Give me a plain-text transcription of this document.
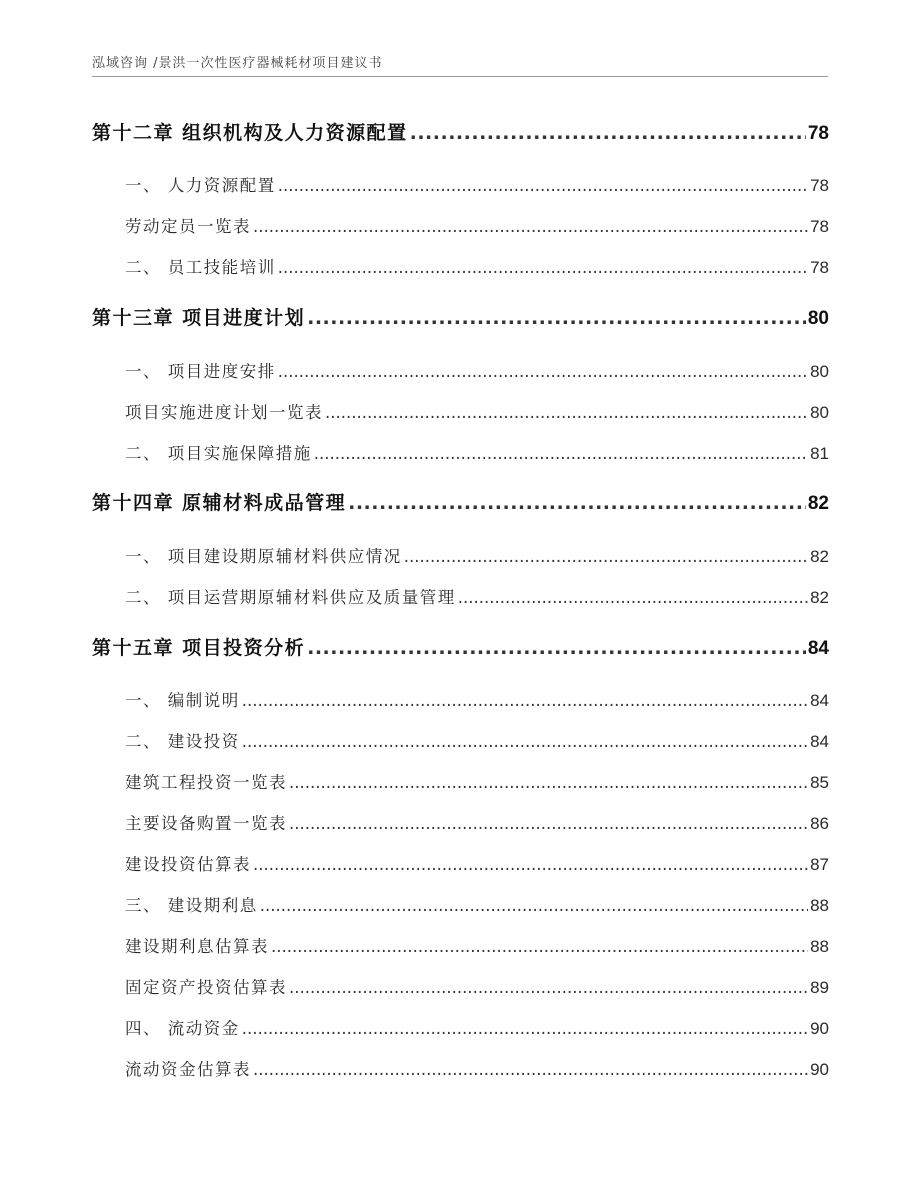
泓域咨询 /景洪一次性医疗器械耗材项目建议书
第十二章 组织机构及人力资源配置 .....	78
一、 人力资源配置 .....	78
劳动定员一览表 .....	78
二、 员工技能培训 .....	78
第十三章 项目进度计划 .....	80
一、 项目进度安排 .....	80
项目实施进度计划一览表 .....	80
二、 项目实施保障措施 .....	81
第十四章 原辅材料成品管理 .....	82
一、 项目建设期原辅材料供应情况 .....	82
二、 项目运营期原辅材料供应及质量管理 .....	82
第十五章 项目投资分析 .....	84
一、 编制说明 .....	84
二、 建设投资 .....	84
建筑工程投资一览表 .....	85
主要设备购置一览表 .....	86
建设投资估算表 .....	87
三、 建设期利息 .....	88
建设期利息估算表 .....	88
固定资产投资估算表 .....	89
四、 流动资金 .....	90
流动资金估算表 .....	90
